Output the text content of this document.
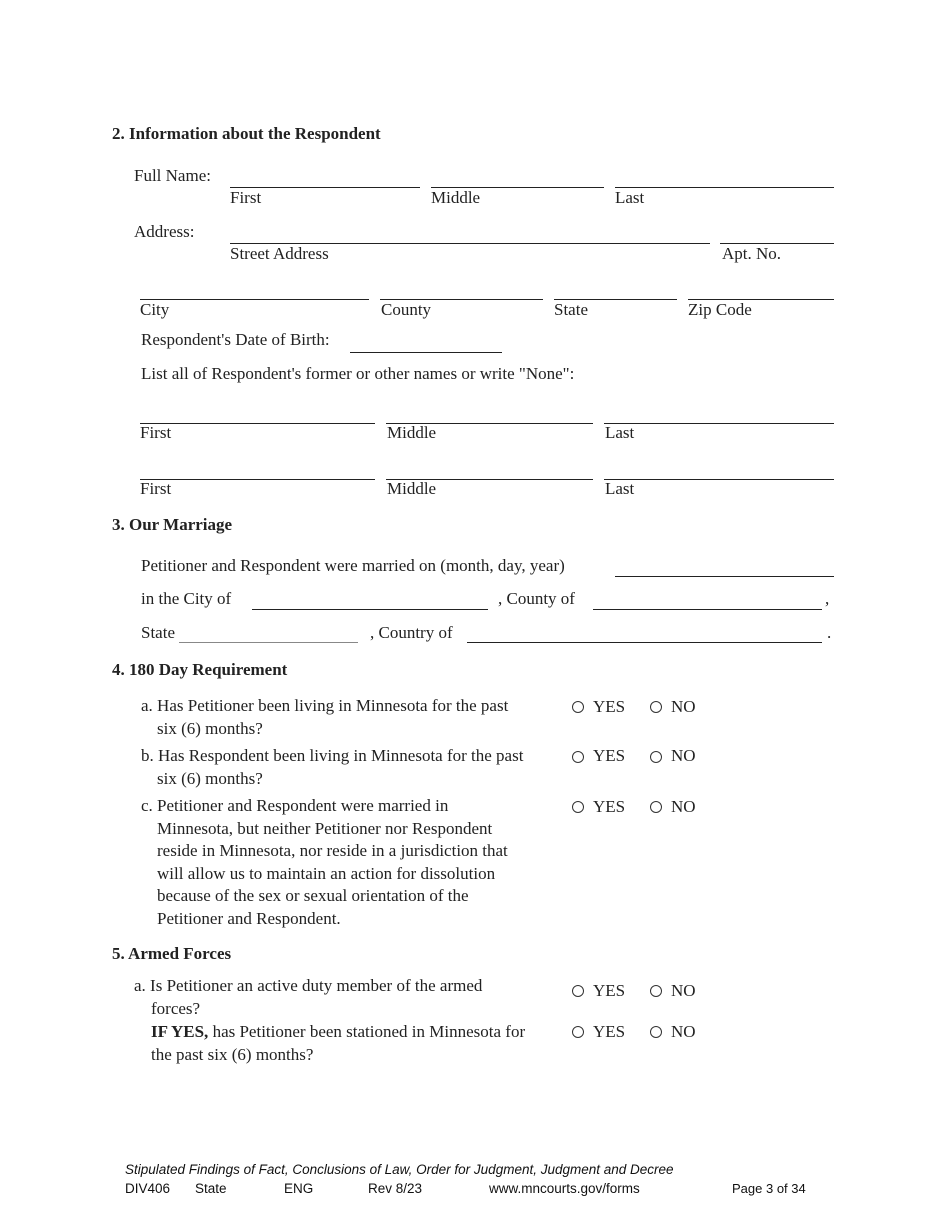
2. Information about the Respondent
Full Name:
First	Middle	Last
Address:
Street Address	Apt. No.
City	County	State	Zip Code
Respondent's Date of Birth:
List all of Respondent's former or other names or write "None":
First	Middle	Last
First	Middle	Last
3. Our Marriage
Petitioner and Respondent were married on (month, day, year)
in the City of	, County of	,
State	, Country of	.
4. 180 Day Requirement
a. Has Petitioner been living in Minnesota for the past
six (6) months?
YES	NO
b. Has Respondent been living in Minnesota for the past
six (6) months?
YES	NO
c. Petitioner and Respondent were married in
Minnesota, but neither Petitioner nor Respondent
reside in Minnesota, nor reside in a jurisdiction that
will allow us to maintain an action for dissolution
because of the sex or sexual orientation of the
Petitioner and Respondent.
YES	NO
5. Armed Forces
a. Is Petitioner an active duty member of the armed
forces?
YES	NO
IF YES, has Petitioner been stationed in Minnesota for
the past six (6) months?
YES	NO
Stipulated Findings of Fact, Conclusions of Law, Order for Judgment, Judgment and Decree
DIV406 State	ENG	Rev 8/23	www.mncourts.gov/forms	Page 3 of 34
